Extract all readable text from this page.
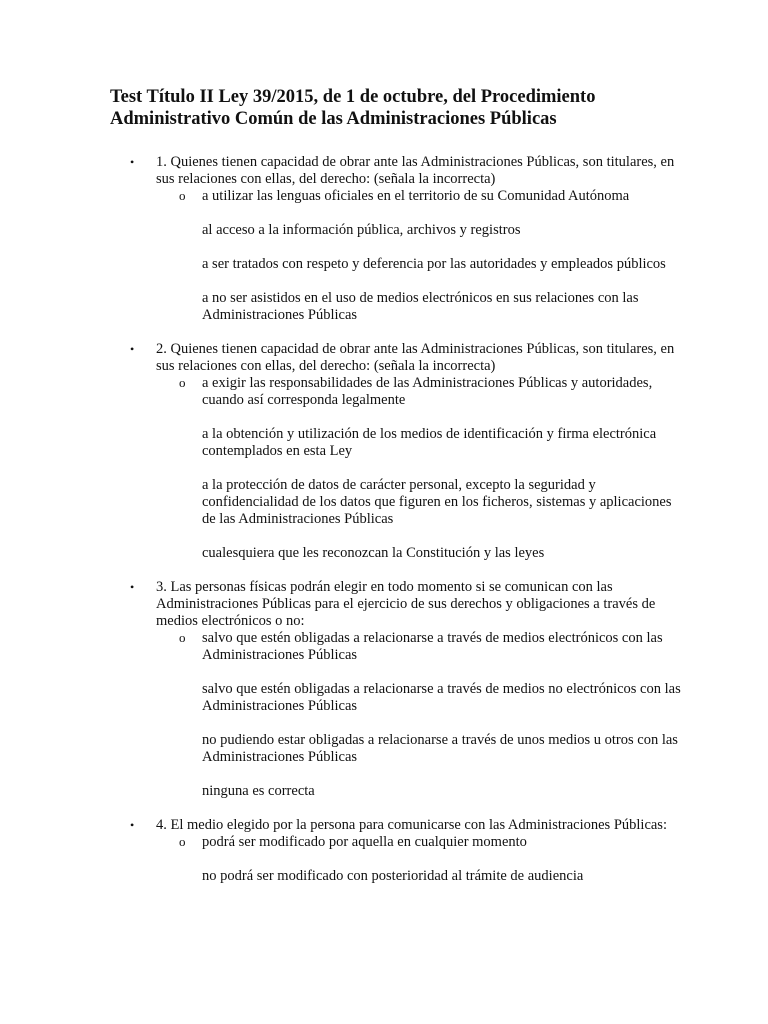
Test Título II Ley 39/2015, de 1 de octubre, del Procedimiento Administrativo Común de las Administraciones Públicas
• 1. Quienes tienen capacidad de obrar ante las Administraciones Públicas, son titulares, en sus relaciones con ellas, del derecho: (señala la incorrecta)
o a utilizar las lenguas oficiales en el territorio de su Comunidad Autónoma
al acceso a la información pública, archivos y registros
a ser tratados con respeto y deferencia por las autoridades y empleados públicos
a no ser asistidos en el uso de medios electrónicos en sus relaciones con las Administraciones Públicas
• 2. Quienes tienen capacidad de obrar ante las Administraciones Públicas, son titulares, en sus relaciones con ellas, del derecho: (señala la incorrecta)
o a exigir las responsabilidades de las Administraciones Públicas y autoridades, cuando así corresponda legalmente
a la obtención y utilización de los medios de identificación y firma electrónica contemplados en esta Ley
a la protección de datos de carácter personal, excepto la seguridad y confidencialidad de los datos que figuren en los ficheros, sistemas y aplicaciones de las Administraciones Públicas
cualesquiera que les reconozcan la Constitución y las leyes
• 3. Las personas físicas podrán elegir en todo momento si se comunican con las Administraciones Públicas para el ejercicio de sus derechos y obligaciones a través de medios electrónicos o no:
o salvo que estén obligadas a relacionarse a través de medios electrónicos con las Administraciones Públicas
salvo que estén obligadas a relacionarse a través de medios no electrónicos con las Administraciones Públicas
no pudiendo estar obligadas a relacionarse a través de unos medios u otros con las Administraciones Públicas
ninguna es correcta
• 4. El medio elegido por la persona para comunicarse con las Administraciones Públicas:
o podrá ser modificado por aquella en cualquier momento
no podrá ser modificado con posterioridad al trámite de audiencia
